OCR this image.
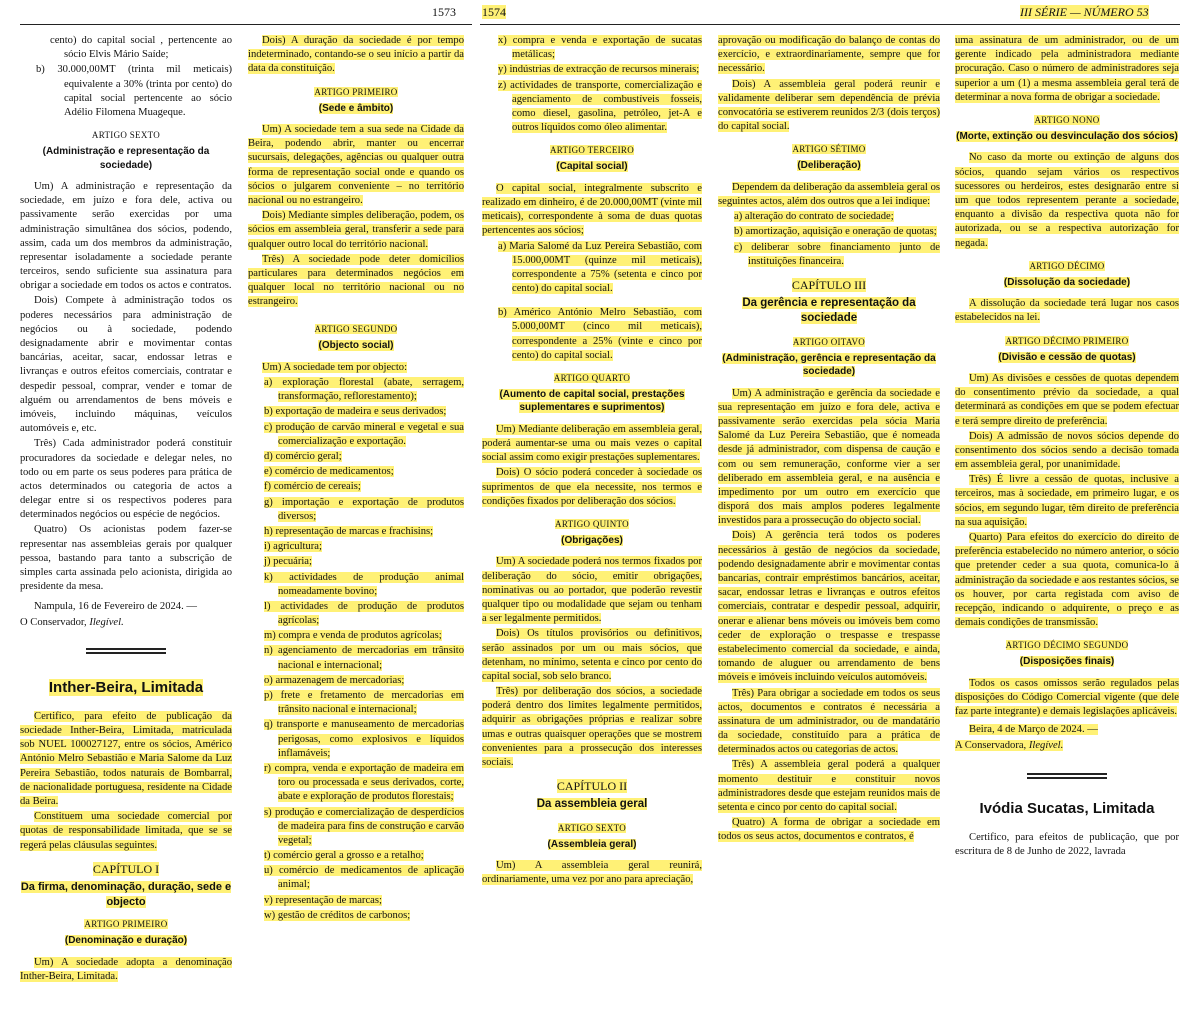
1573 1574	III SÉRIE — NÚMERO 53

cento) do capital social , pertencente ao sócio Elvis Mário Saíde;

b) 30.000,00MT (trinta mil meticais) equivalente a 30% (trinta por cento) do capital social pertencente ao sócio Adélio Filomena Muageque.

ARTIGO SEXTO
(Administração e representação da sociedade)

Um) A administração e representação da sociedade, em juízo e fora dele, activa ou passivamente serão exercidas por uma administração simultânea dos sócios, podendo, assim, cada um dos membros da administração, representar isoladamente a sociedade perante terceiros, sendo suficiente sua assinatura para obrigar a sociedade em todos os actos e contratos.

Dois) Compete à administração todos os poderes necessários para administração de negócios ou à sociedade, podendo designadamente abrir e movimentar contas bancárias, aceitar, sacar, endossar letras e livranças e outros efeitos comerciais, contratar e despedir pessoal, comprar, vender e tomar de alguém ou arrendamentos de bens móveis e imóveis, incluindo máquinas, veículos automóveis e, etc.

Três) Cada administrador poderá constituir procuradores da sociedade e delegar neles, no todo ou em parte os seus poderes para prática de actos determinados ou categoria de actos a delegar entre si os respectivos poderes para determinados negócios ou espécie de negócios.

Quatro) Os acionistas podem fazer-se representar nas assembleias gerais por qualquer pessoa, bastando para tanto a subscrição de simples carta assinada pelo acionista, dirigida ao presidente da mesa.

Nampula, 16 de Fevereiro de 2024. —

O Conservador, Ilegível.

Inther-Beira, Limitada

Certifico, para efeito de publicação da sociedade Inther-Beira, Limitada, matriculada sob NUEL 100027127, entre os sócios, Américo António Melro Sebastião e Maria Salome da Luz Pereira Sebastião, todos naturais de Bombarral, de nacionalidade portuguesa, residente na Cidade da Beira.

Constituem uma sociedade comercial por quotas de responsabilidade limitada, que se se regerá pelas cláusulas seguintes.

CAPÍTULO I
Da firma, denominação, duração, sede e objecto
ARTIGO PRIMEIRO
(Denominação e duração)

Um) A sociedade adopta a denominação Inther-Beira, Limitada.

Dois) A duração da sociedade é por tempo indeterminado, contando-se o seu início a partir da data da constituição.

ARTIGO PRIMEIRO
(Sede e âmbito)

Um) A sociedade tem a sua sede na Cidade da Beira, podendo abrir, manter ou encerrar sucursais, delegações, agências ou qualquer outra forma de representação social onde e quando os sócios o julgarem conveniente – no território nacional ou no estrangeiro.

Dois) Mediante simples deliberação, podem, os sócios em assembleia geral, transferir a sede para qualquer outro local do território nacional.

Três) A sociedade pode deter domicílios particulares para determinados negócios em qualquer local no território nacional ou no estrangeiro.

ARTIGO SEGUNDO
(Objecto social)

Um) A sociedade tem por objecto:

a) exploração florestal (abate, serragem, transformação, reflorestamento);

b) exportação de madeira e seus derivados;

c) produção de carvão mineral e vegetal e sua comercialização e exportação.

d) comércio geral;

e) comércio de medicamentos;

f) comércio de cereais;

g) importação e exportação de produtos diversos;

h) representação de marcas e frachisins;

i) agricultura;

j) pecuária;

k) actividades de produção animal nomeadamente bovino;

l) actividades de produção de produtos agrícolas;

m) compra e venda de produtos agrícolas;

n) agenciamento de mercadorias em trânsito nacional e internacional;

o) armazenagem de mercadorias;

p) frete e fretamento de mercadorias em trânsito nacional e internacional;

q) transporte e manuseamento de mercadorias perigosas, como explosivos e líquidos inflamáveis;

r) compra, venda e exportação de madeira em toro ou processada e seus derivados, corte, abate e exploração de produtos florestais;

s) produção e comercialização de desperdícios de madeira para fins de construção e carvão vegetal;

t) comércio geral a grosso e a retalho;

u) comércio de medicamentos de aplicação animal;

v) representação de marcas;

w) gestão de créditos de carbonos;

x) compra e venda e exportação de sucatas metálicas;

y) indústrias de extracção de recursos minerais;

z) actividades de transporte, comercialização e agenciamento de combustíveis fosseis, como diesel, gasolina, petróleo, jet-A e outros líquidos como óleo alimentar.

ARTIGO TERCEIRO
(Capital social)

O capital social, integralmente subscrito e realizado em dinheiro, é de 20.000,00MT (vinte mil meticais), correspondente à soma de duas quotas pertencentes aos sócios;

a) Maria Salomé da Luz Pereira Sebastião, com 15.000,00MT (quinze mil meticais), correspondente a 75% (setenta e cinco por cento) do capital social.

b) Américo António Melro Sebastião, com 5.000,00MT (cinco mil meticais), correspondente a 25% (vinte e cinco por cento) do capital social.

ARTIGO QUARTO
(Aumento de capital social, prestações suplementares e suprimentos)

Um) Mediante deliberação em assembleia geral, poderá aumentar-se uma ou mais vezes o capital social assim como exigir prestações suplementares.

Dois) O sócio poderá conceder à sociedade os suprimentos de que ela necessite, nos termos e condições fixados por deliberação dos sócios.

ARTIGO QUINTO
(Obrigações)

Um) A sociedade poderá nos termos fixados por deliberação do sócio, emitir obrigações, nominativas ou ao portador, que poderão revestir qualquer tipo ou modalidade que sejam ou tenham a ser legalmente permitidos.

Dois) Os títulos provisórios ou definitivos, serão assinados por um ou mais sócios, que detenham, no mínimo, setenta e cinco por cento do capital social, sob selo branco.

Três) por deliberação dos sócios, a sociedade poderá dentro dos limites legalmente permitidos, adquirir as obrigações próprias e realizar sobre umas e outras quaisquer operações que se mostrem convenientes para a prossecução dos interesses sociais.

CAPÍTULO II
Da assembleia geral
ARTIGO SEXTO
(Assembleia geral)

Um) A assembleia geral reunirá, ordinariamente, uma vez por ano para apreciação,

aprovação ou modificação do balanço de contas do exercício, e extraordinariamente, sempre que for necessário.

Dois) A assembleia geral poderá reunir e validamente deliberar sem dependência de prévia convocatória se estiverem reunidos 2/3 (dois terços) do capital social.

ARTIGO SÉTIMO
(Deliberação)

Dependem da deliberação da assembleia geral os seguintes actos, além dos outros que a lei indique:

a) alteração do contrato de sociedade;

b) amortização, aquisição e oneração de quotas;

c) deliberar sobre financiamento junto de instituições financeira.

CAPÍTULO III
Da gerência e representação da sociedade
ARTIGO OITAVO
(Administração, gerência e representação da sociedade)

Um) A administração e gerência da sociedade e sua representação em juízo e fora dele, activa e passivamente serão exercidas pela sócia Maria Salomé da Luz Pereira Sebastião, que é nomeada desde já administrador, com dispensa de caução e com ou sem remuneração, conforme vier a ser deliberado em assembleia geral, e na ausência e impedimento por um outro em exercício que disporá dos mais amplos poderes legalmente investidos para a prossecução do objecto social.

Dois) A gerência terá todos os poderes necessários à gestão de negócios da sociedade, podendo designadamente abrir e movimentar contas bancarias, contrair empréstimos bancários, aceitar, sacar, endossar letras e livranças e outros efeitos comerciais, contratar e despedir pessoal, adquirir, onerar e alienar bens móveis ou imóveis bem como ceder de exploração o trespasse e trespasse estabelecimento comercial da sociedade, e ainda, tomando de aluguer ou arrendamento de bens móveis e imóveis incluindo veículos automóveis.

Três) Para obrigar a sociedade em todos os seus actos, documentos e contratos é necessária a assinatura de um administrador, ou de mandatário da sociedade, constituído para a prática de determinados actos ou categorias de actos.

Três) A assembleia geral poderá a qualquer momento destituir e constituir novos administradores desde que estejam reunidos mais de setenta e cinco por cento do capital social.

Quatro) A forma de obrigar a sociedade em todos os seus actos, documentos e contratos, é

uma assinatura de um administrador, ou de um gerente indicado pela administradora mediante procuração. Caso o número de administradores seja superior a um (1) a mesma assembleia geral terá de determinar a nova forma de obrigar a sociedade.

ARTIGO NONO
(Morte, extinção ou desvinculação dos sócios)

No caso da morte ou extinção de alguns dos sócios, quando sejam vários os respectivos sucessores ou herdeiros, estes designarão entre si um que todos representem perante a sociedade, enquanto a divisão da respectiva quota não for autorizada, ou se a respectiva autorização for negada.

ARTIGO DÉCIMO
(Dissolução da sociedade)

A dissolução da sociedade terá lugar nos casos estabelecidos na lei.

ARTIGO DÉCIMO PRIMEIRO
(Divisão e cessão de quotas)

Um) As divisões e cessões de quotas dependem do consentimento prévio da sociedade, a qual determinará as condições em que se podem efectuar e terá sempre direito de preferência.

Dois) A admissão de novos sócios depende do consentimento dos sócios sendo a decisão tomada em assembleia geral, por unanimidade.

Três) É livre a cessão de quotas, inclusive a terceiros, mas à sociedade, em primeiro lugar, e os sócios, em segundo lugar, têm direito de preferência na sua aquisição.

Quarto) Para efeitos do exercício do direito de preferência estabelecido no número anterior, o sócio que pretender ceder a sua quota, comunica-lo à administração da sociedade e aos restantes sócios, se os houver, por carta registada com aviso de recepção, indicando o adquirente, o preço e as demais condições de transmissão.

ARTIGO DÉCIMO SEGUNDO
(Disposições finais)

Todos os casos omissos serão regulados pelas disposições do Código Comercial vigente (que dele faz parte integrante) e demais legislações aplicáveis.

Beira, 4 de Março de 2024. —

A Conservadora, Ilegível.

Ivódia Sucatas, Limitada

Certifico, para efeitos de publicação, que por escritura de 8 de Junho de 2022, lavrada
